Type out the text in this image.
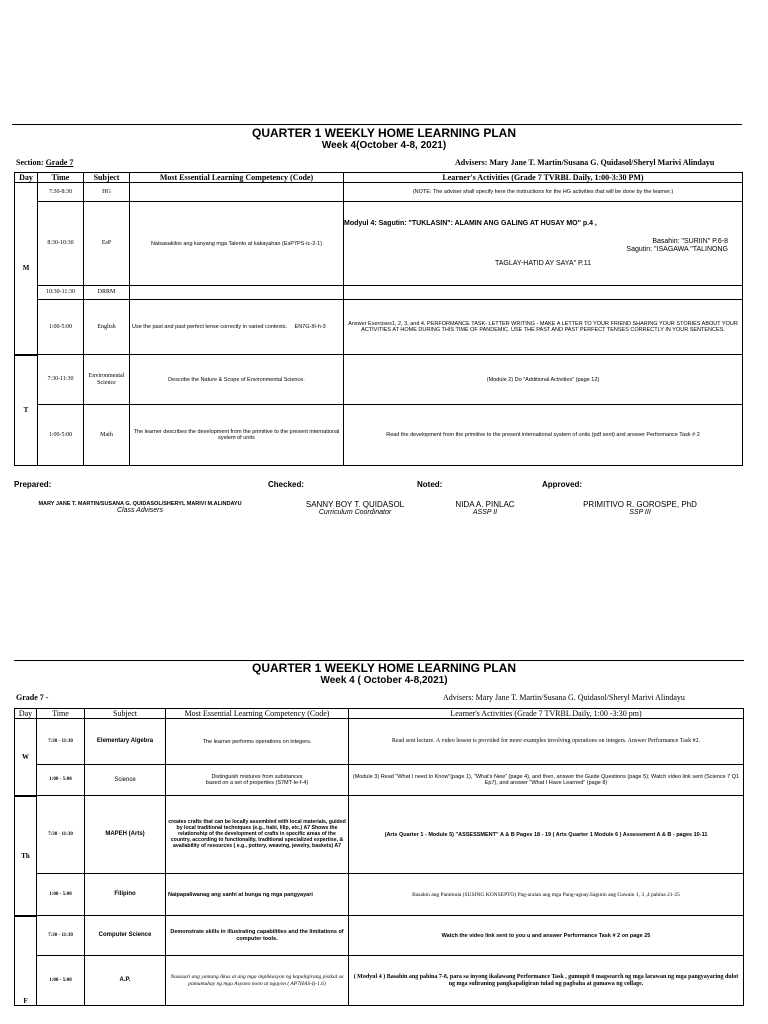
QUARTER 1 WEEKLY HOME LEARNING PLAN
Week 4(October 4-8, 2021)
Section: Grade 7	Advisers: Mary Jane T. Martin/Susana G. Quidasol/Sheryl Marivi Alindayu
Day	Time	Subject	Most Essential Learning Competency (Code)	Learner's Activities (Grade 7 TVRBL Daily, 1:00-3:30 PM)
M	7:30-8:30	HG		(NOTE: The adviser shall specify here the instructions for the HG activities that will be done by the learner.)
	8:30-10:30	EsP	Naisasakilos ang kanyang mga Talento at kakayahan (EsP7PS-Ic-2-1)	Modyul 4: Sagutin: "TUKLASIN": ALAMIN ANG GALING AT HUSAY MO" p.4 ,
Basahin: "SURIIN" P.6-8
Sagutin: "ISAGAWA "TALINONG
TAGLAY-HATID AY SAYA" P.11

	10:30-11:30	DRRM		
	1:00-5:00	English	Use the past and past perfect tense correctly in varied contexts. EN7G-III-h-3	Answer Exercises1, 2, 3, and 4. PERFORMANCE TASK- LETTER WRITING - MAKE A LETTER TO YOUR FRIEND SHARING YOUR STORIES ABOUT YOUR ACTIVITIES AT HOME DURING THIS TIME OF PANDEMIC. USE THE PAST AND PAST PERFECT TENSES CORRECTLY IN YOUR SENTENCES.
T	7:30-11:30	Environmental Science	Describe the Nature & Scope of Environmental Science.	(Module 2) Do "Additional Activities" (page 12)
	1:00-5:00	Math	The learner describes the development from the primitive to the present international system of units	Read the development from the primitive to the present international system of units (pdf sent) and answer Performance Task # 2
Prepared:	Checked:	Noted:	Approved:
MARY JANE T. MARTIN/SUSANA G. QUIDASOL/SHERYL MARIVI M.ALINDAYU
Class Advisers
SANNY BOY T. QUIDASOL
Curriculum Coordinator
NIDA A. PINLAC
ASSP II
PRIMITIVO R. GOROSPE, PhD
SSP III
QUARTER 1 WEEKLY HOME LEARNING PLAN
Week 4 ( October 4-8,2021)
Grade 7 -	Advisers: Mary Jane T. Martin/Susana G. Quidasol/Sheryl Marivi Alindayu
Day	Time	Subject	Most Essential Learning Competency (Code)	Learner's Activities (Grade 7 TVRBL Daily, 1:00 -3:30 pm)
W	7:30 - 11:30	Elementary Algebra	The learner performs operations on integers.	Read sent lecture. A video lesson is provided for more examples involving operations on integers. Answer Performance Task #2.
	1:00 - 5:00	Science	Distinguish mixtures from substances
based on a set of properties (S7MT-Ie-f-4)	(Module 3) Read "What I need to Know"(page 1), "What's New" (page 4), and then, answer the Guide Questions (page 5); Watch video link sent (Science 7 Q1 Ep7), and answer "What I Have Learned" (page 8)
Th	7:30 - 11:30	MAPEH (Arts)	creates crafts that can be locally assembled with local materials, guided by local traditional techniques (e.g., habi, lilip, etc.) A7 Shows the relationship of the development of crafts in specific areas of the country, according to functionality, traditional specialized expertise, & availability of resources ( e.g., pottery, weaving, jewelry, baskets) A7	(Arts Quarter 1 - Module 5) "ASSESSMENT" A & B Pages 18 - 19 ( Arts Quarter 1 Module 6 ) Assessment A & B - pages 10-11
	1:00 - 5:00	Filipino	Naipapaliwanag ang sanhi at bunga ng mga pangyayari	Basahin ang Panimula (SUSING KONSEPTO) Pag-aralan ang mga Pang-ugnay.Sagutin ang Gawain 1, 3 ,4 pahina 21-25
F	7:30 - 11:30	Computer Science	Demonstrate skills in illustrating capabilities and the limitations of computer tools.	Watch the video link sent to you u and answer Performance Task # 2 on page 25
	1:00 - 5:00	A.P.	Nasusuri ang yamang likas at ang mga implikasyon ng kapaligirang pisikal sa pamumuhay ng mga Asyano noon at ngayon ( AP7HAS-Ij-1.6)	( Modyul 4 ) Basahin ang pahina 7-8, para sa inyong ikalawang Performance Task , gumupit 0 magsearch ng mga larawan ng mga pangyayaring dulot ng mga suliraning pangkapaligiran tulad ng pagbaha at gumawa ng collage.
